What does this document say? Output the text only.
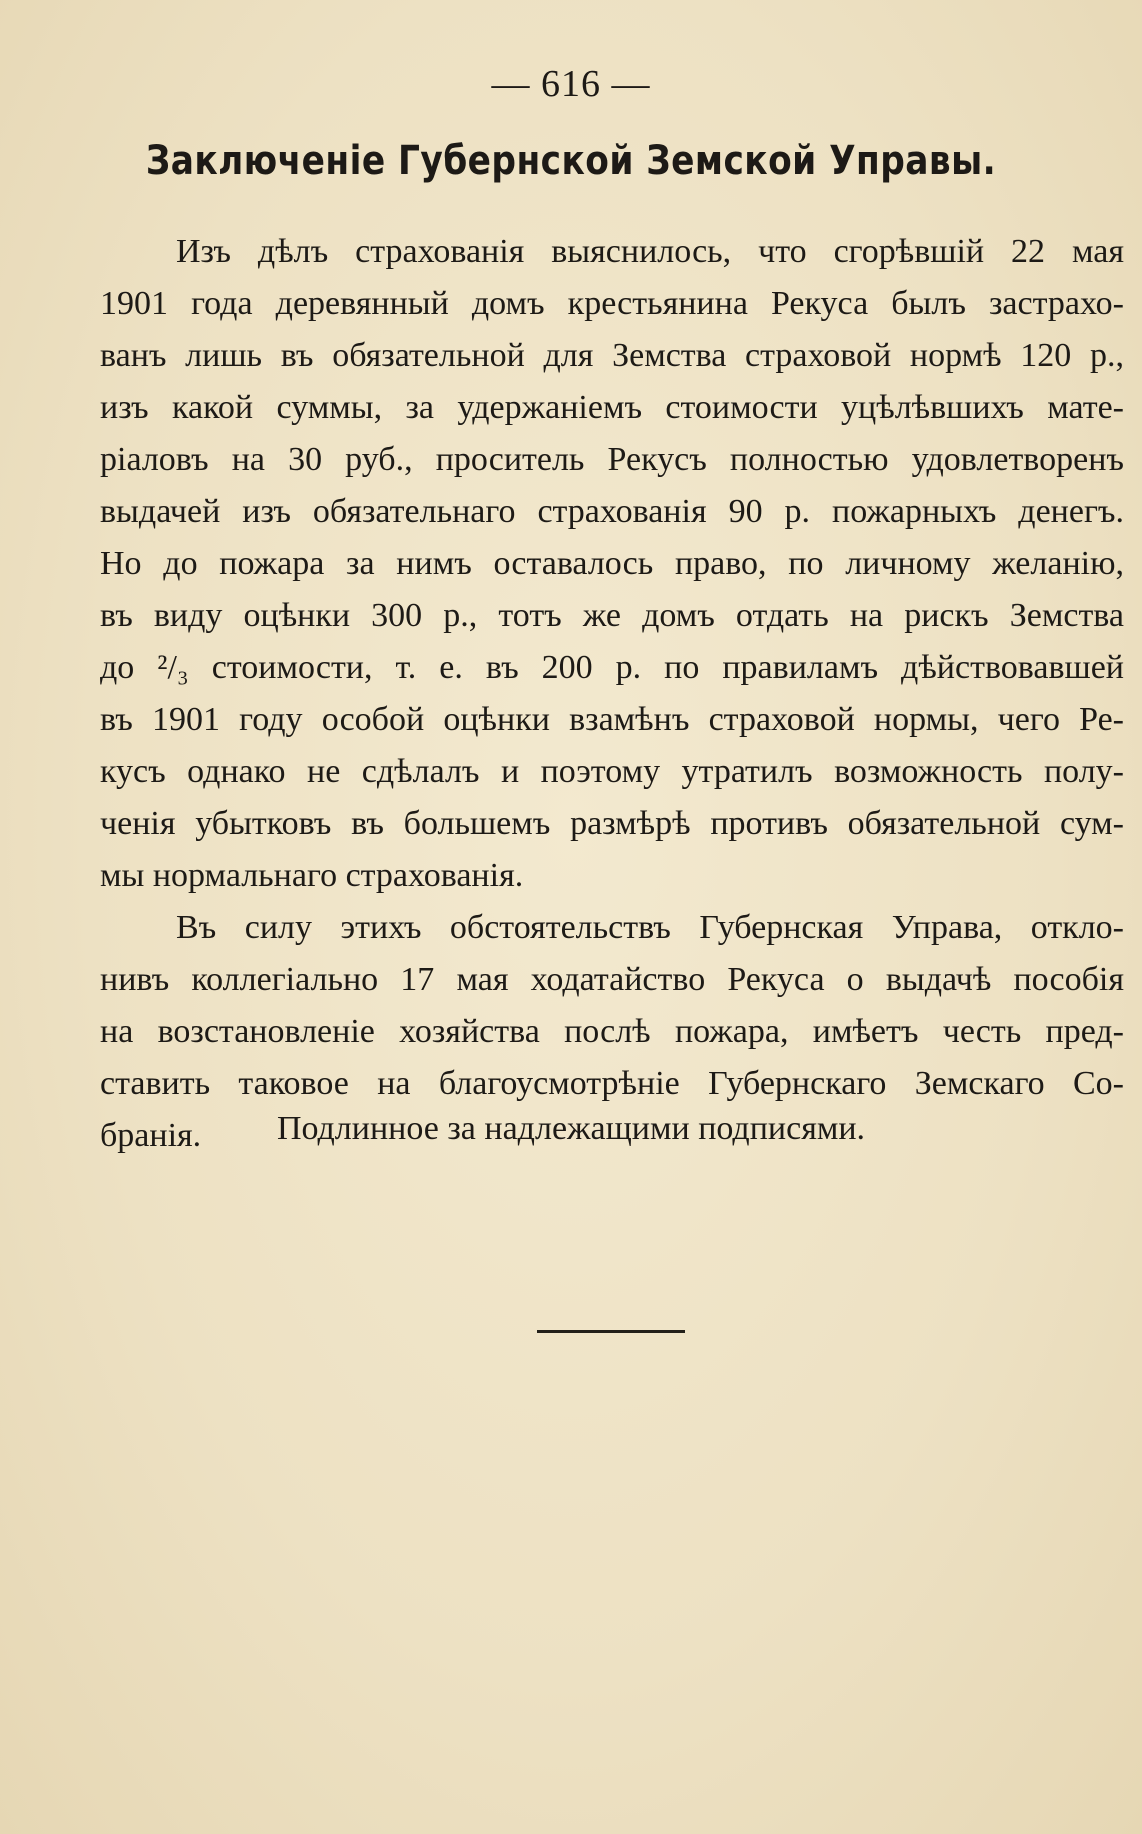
— 616 —
Заключеніе Губернской Земской Управы.
Изъ дѣлъ страхованія выяснилось, что сгорѣвшій 22 мая
1901 года деревянный домъ крестьянина Рекуса былъ застрахо-
ванъ лишь въ обязательной для Земства страховой нормѣ 120 р.,
изъ какой суммы, за удержаніемъ стоимости уцѣлѣвшихъ мате-
ріаловъ на 30 руб., проситель Рекусъ полностью удовлетворенъ
выдачей изъ обязательнаго страхованія 90 р. пожарныхъ денегъ.
Но до пожара за нимъ оставалось право, по личному желанію,
въ виду оцѣнки 300 р., тотъ же домъ отдать на рискъ Земства
до ²/₃ стоимости, т. е. въ 200 р. по правиламъ дѣйствовавшей
въ 1901 году особой оцѣнки взамѣнъ страховой нормы, чего Ре-
кусъ однако не сдѣлалъ и поэтому утратилъ возможность полу-
ченія убытковъ въ большемъ размѣрѣ противъ обязательной сум-
мы нормальнаго страхованія.
Въ силу этихъ обстоятельствъ Губернская Управа, откло-
нивъ коллегіально 17 мая ходатайство Рекуса о выдачѣ пособія
на возстановленіе хозяйства послѣ пожара, имѣетъ честь пред-
ставить таковое на благоусмотрѣніе Губернскаго Земскаго Со-
бранія.	Подлинное за надлежащими подписями.
